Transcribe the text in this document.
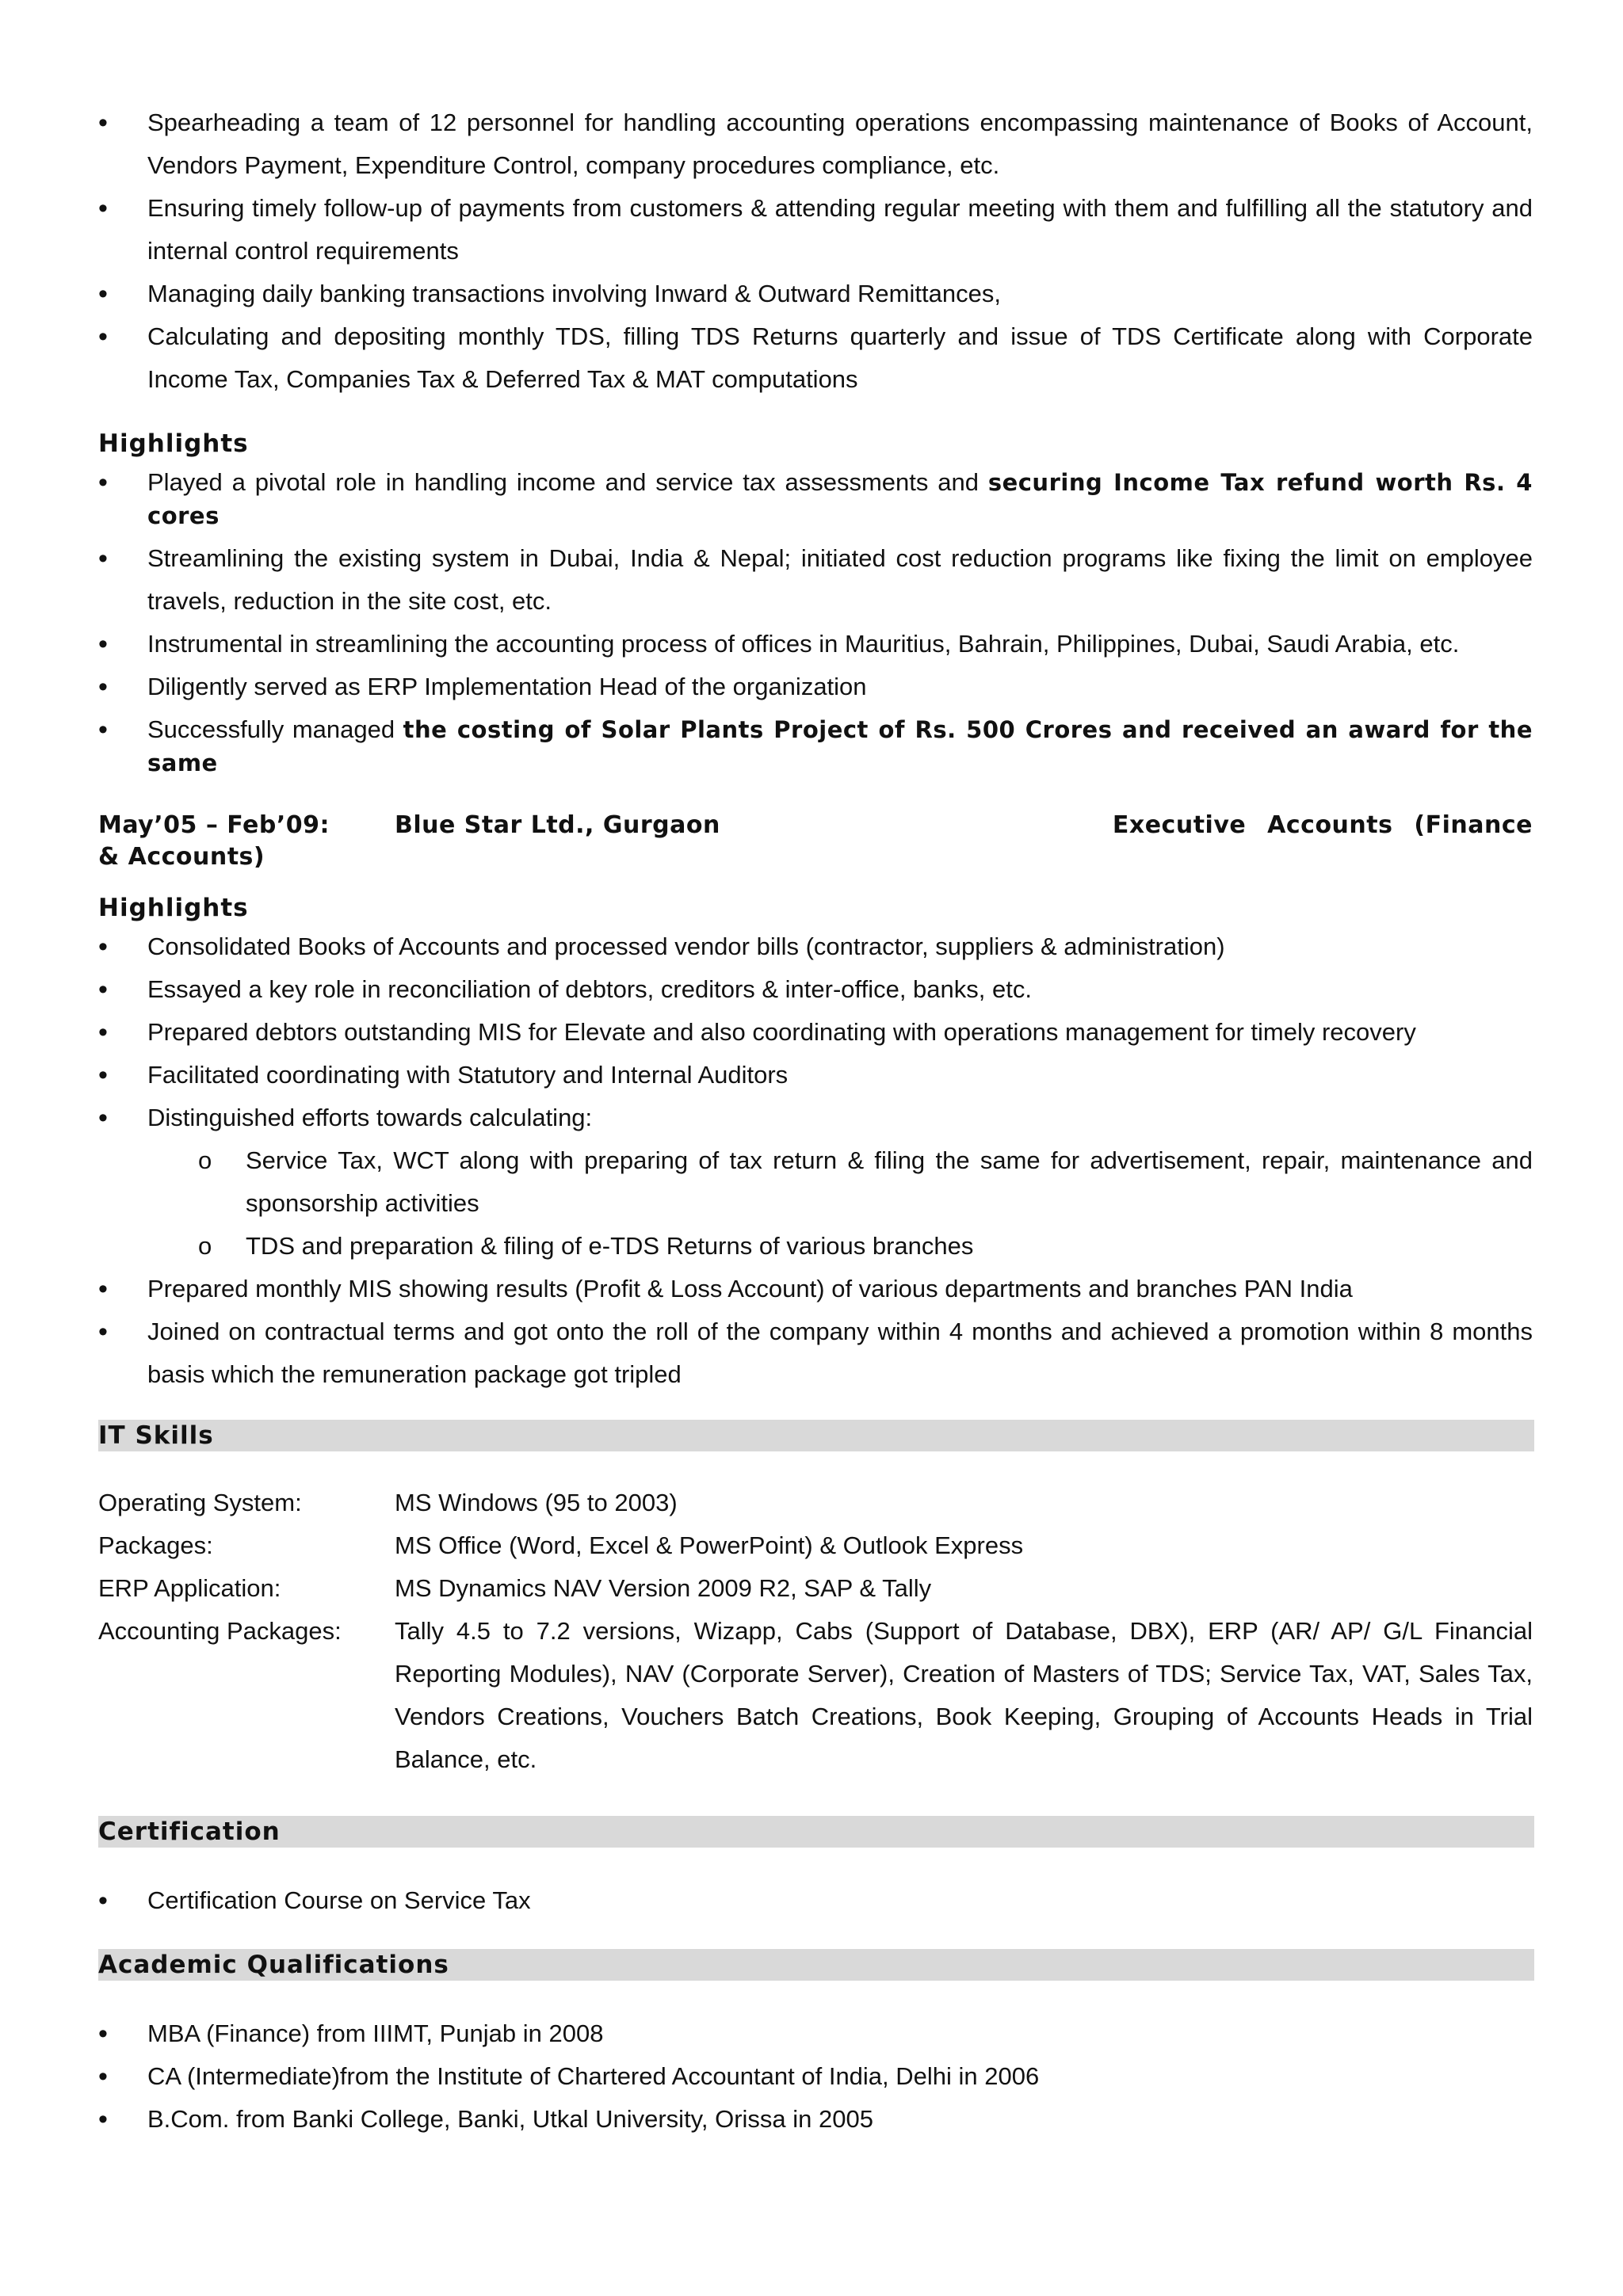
• Spearheading a team of 12 personnel for handling accounting operations encompassing maintenance of Books of Account, Vendors Payment, Expenditure Control, company procedures compliance, etc.
• Ensuring timely follow-up of payments from customers & attending regular meeting with them and fulfilling all the statutory and internal control requirements
• Managing daily banking transactions involving Inward & Outward Remittances,
• Calculating and depositing monthly TDS, filling TDS Returns quarterly and issue of TDS Certificate along with Corporate Income Tax, Companies Tax & Deferred Tax & MAT computations
Highlights
• Played a pivotal role in handling income and service tax assessments and securing Income Tax refund worth Rs. 4 cores
• Streamlining the existing system in Dubai, India & Nepal; initiated cost reduction programs like fixing the limit on employee travels, reduction in the site cost, etc.
• Instrumental in streamlining the accounting process of offices in Mauritius, Bahrain, Philippines, Dubai, Saudi Arabia, etc.
• Diligently served as ERP Implementation Head of the organization
• Successfully managed the costing of Solar Plants Project of Rs. 500 Crores and received an award for the same
May’05 – Feb’09:	Blue Star Ltd., Gurgaon	Executive Accounts (Finance
& Accounts)
Highlights
• Consolidated Books of Accounts and processed vendor bills (contractor, suppliers & administration)
• Essayed a key role in reconciliation of debtors, creditors & inter-office, banks, etc.
• Prepared debtors outstanding MIS for Elevate and also coordinating with operations management for timely recovery
• Facilitated coordinating with Statutory and Internal Auditors
• Distinguished efforts towards calculating:
o Service Tax, WCT along with preparing of tax return & filing the same for advertisement, repair, maintenance and sponsorship activities
o TDS and preparation & filing of e-TDS Returns of various branches
• Prepared monthly MIS showing results (Profit & Loss Account) of various departments and branches PAN India
• Joined on contractual terms and got onto the roll of the company within 4 months and achieved a promotion within 8 months basis which the remuneration package got tripled
IT Skills
Operating System:	MS Windows (95 to 2003)
Packages:	MS Office (Word, Excel & PowerPoint) & Outlook Express
ERP Application:	MS Dynamics NAV Version 2009 R2, SAP & Tally
Accounting Packages:	Tally 4.5 to 7.2 versions, Wizapp, Cabs (Support of Database, DBX), ERP (AR/ AP/ G/L Financial Reporting Modules), NAV (Corporate Server), Creation of Masters of TDS; Service Tax, VAT, Sales Tax, Vendors Creations, Vouchers Batch Creations, Book Keeping, Grouping of Accounts Heads in Trial Balance, etc.
Certification
• Certification Course on Service Tax
Academic Qualifications
• MBA (Finance) from IIIMT, Punjab in 2008
• CA (Intermediate)from the Institute of Chartered Accountant of India, Delhi in 2006
• B.Com. from Banki College, Banki, Utkal University, Orissa in 2005
